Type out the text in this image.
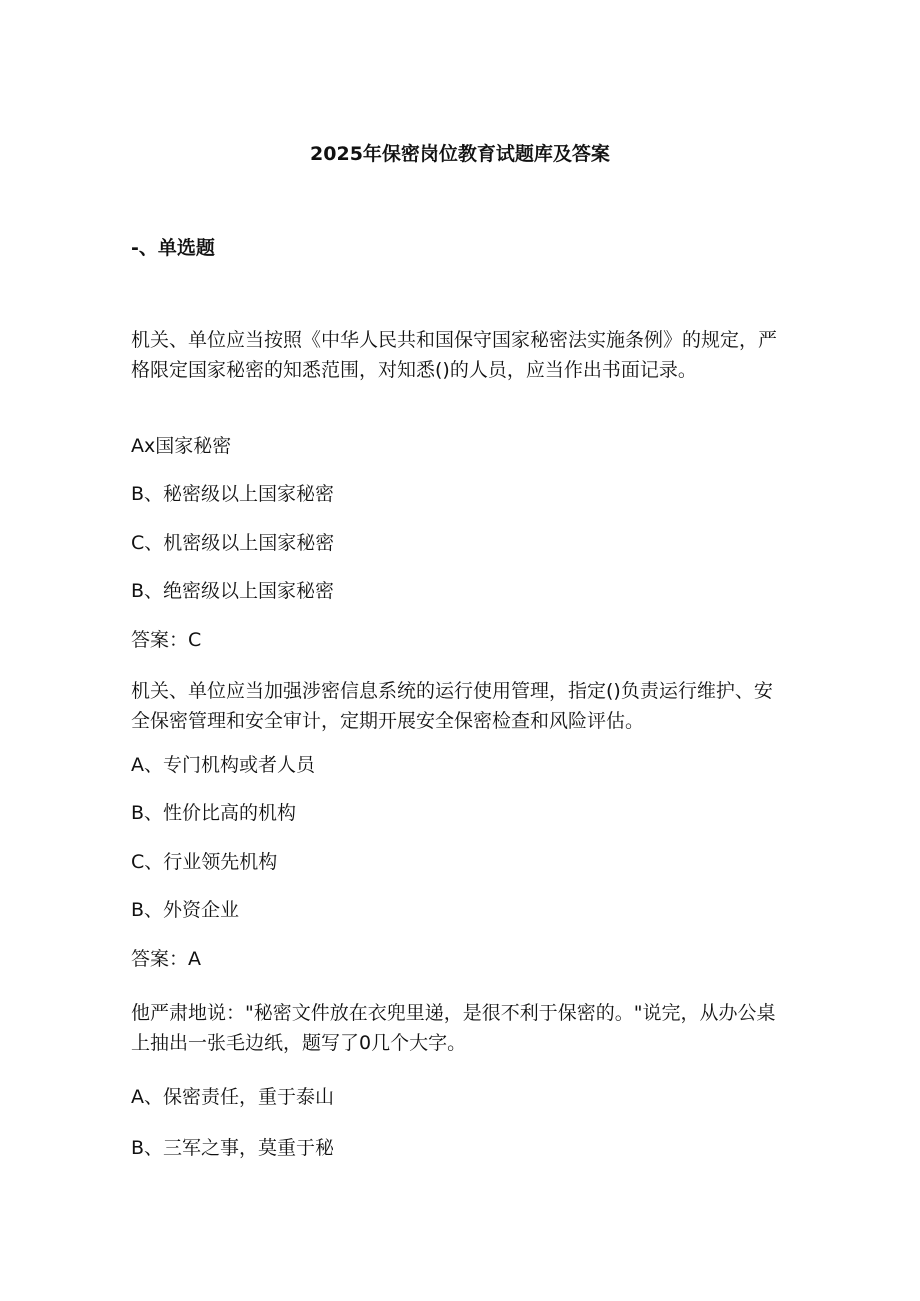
2025年保密岗位教育试题库及答案
-、单选题
机关、单位应当按照《中华人民共和国保守国家秘密法实施条例》的规定，严格限定国家秘密的知悉范围，对知悉()的人员，应当作出书面记录。
Ax国家秘密
B、秘密级以上国家秘密
C、机密级以上国家秘密
B、绝密级以上国家秘密
答案：C
机关、单位应当加强涉密信息系统的运行使用管理，指定()负责运行维护、安全保密管理和安全审计，定期开展安全保密检查和风险评估。
A、专门机构或者人员
B、性价比高的机构
C、行业领先机构
B、外资企业
答案：A
他严肃地说："秘密文件放在衣兜里递，是很不利于保密的。"说完，从办公桌上抽出一张毛边纸，题写了0几个大字。
A、保密责任，重于泰山
B、三军之事，莫重于秘
